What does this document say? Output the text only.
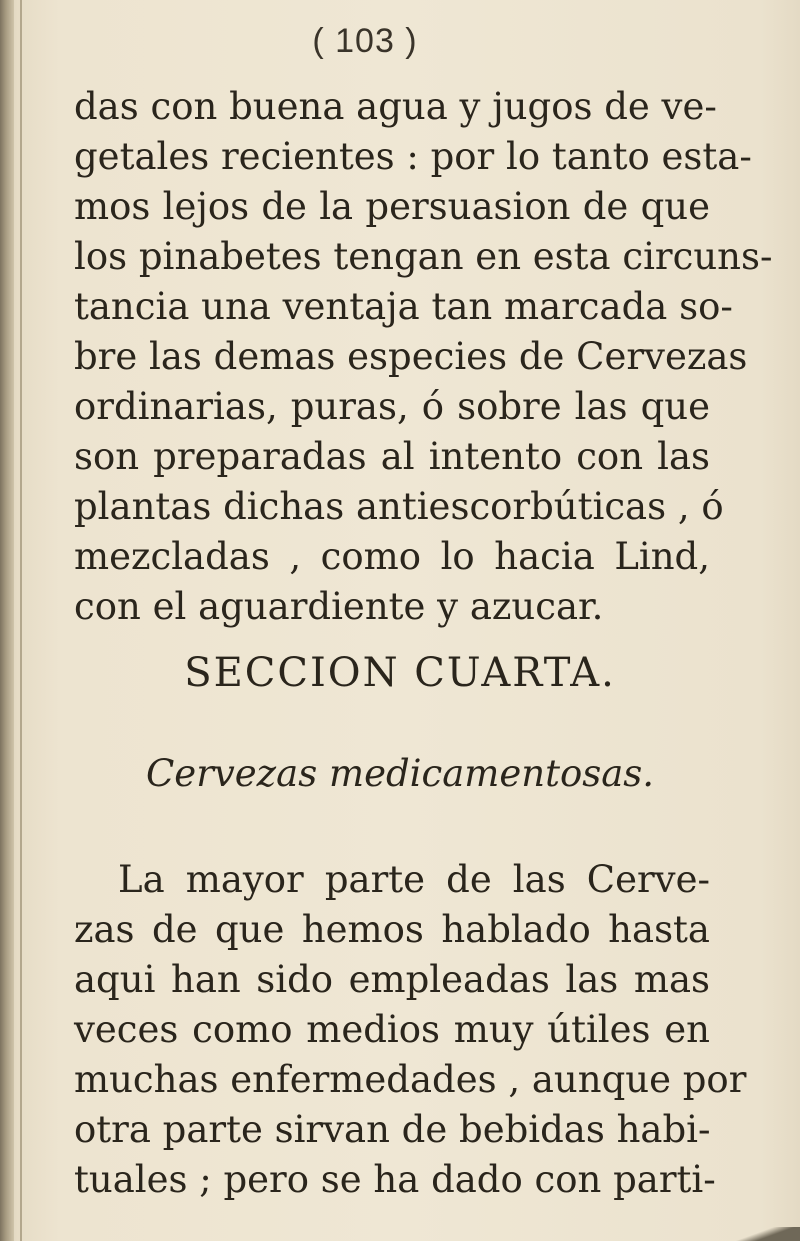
( 103 )
das con buena agua y jugos de ve-
getales recientes : por lo tanto esta-
mos lejos de la persuasion de que
los pinabetes tengan en esta circuns-
tancia una ventaja tan marcada so-
bre las demas especies de Cervezas
ordinarias, puras, ó sobre las que
son preparadas al intento con las
plantas dichas antiescorbúticas , ó
mezcladas , como lo hacia Lind,
con el aguardiente y azucar.
SECCION CUARTA.
Cervezas medicamentosas.
La mayor parte de las Cerve-
zas de que hemos hablado hasta
aqui han sido empleadas las mas
veces como medios muy útiles en
muchas enfermedades , aunque por
otra parte sirvan de bebidas habi-
tuales ; pero se ha dado con parti-
